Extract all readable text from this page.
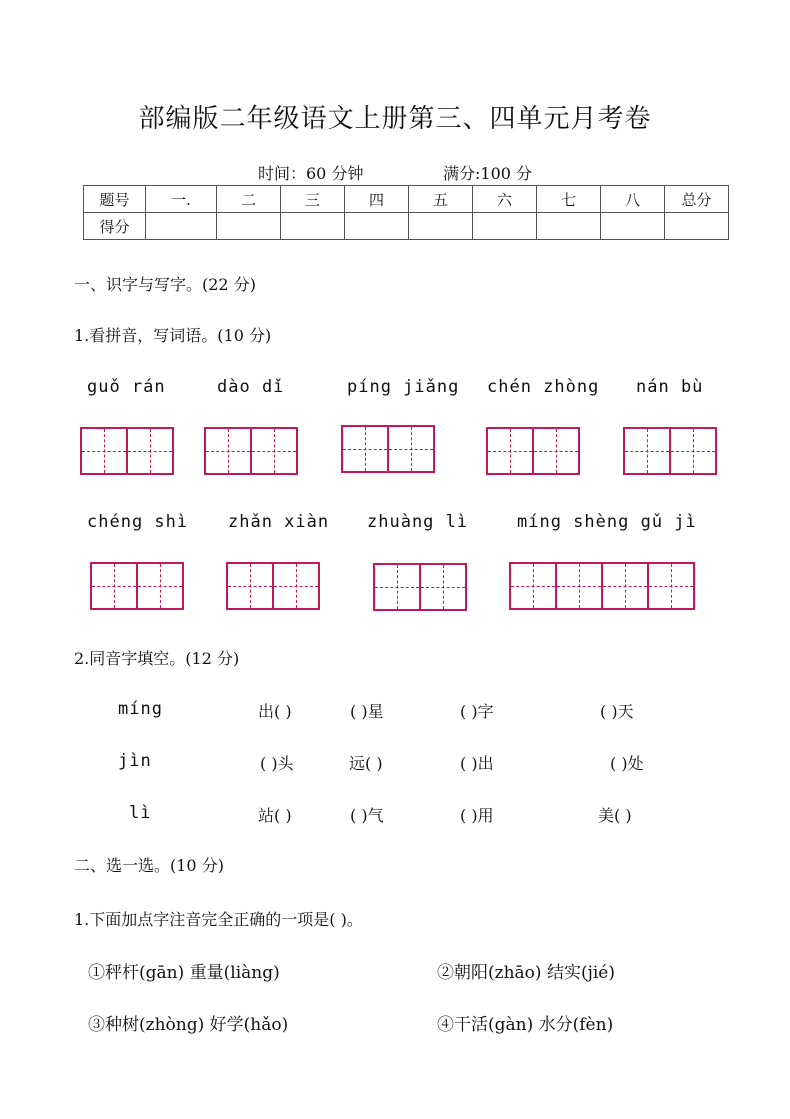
部编版二年级语文上册第三、四单元月考卷
时间：60 分钟	满分:100 分
题号	一.	二	三	四	五	六	七	八	总分
得分									
一、识字与写字。(22 分)
1.看拼音，写词语。(10 分)
guǒ rán	dào dǐ	píng jiǎng chén zhòng nán bù
chéng shì zhǎn xiàn zhuàng lì	míng shèng gǔ jì
2.同音字填空。(12 分)
míng	出( )	( )星	( )字	( )天
jìn	( )头	远( )	( )出	( )处
lì	站( )	( )气	( )用	美( )
二、选一选。(10 分)
1.下面加点字注音完全正确的一项是( )。
①秤杆(gān) 重量(liàng)	②朝阳(zhāo) 结实(jié)
③种树(zhòng) 好学(hǎo)	④干活(gàn) 水分(fèn)
